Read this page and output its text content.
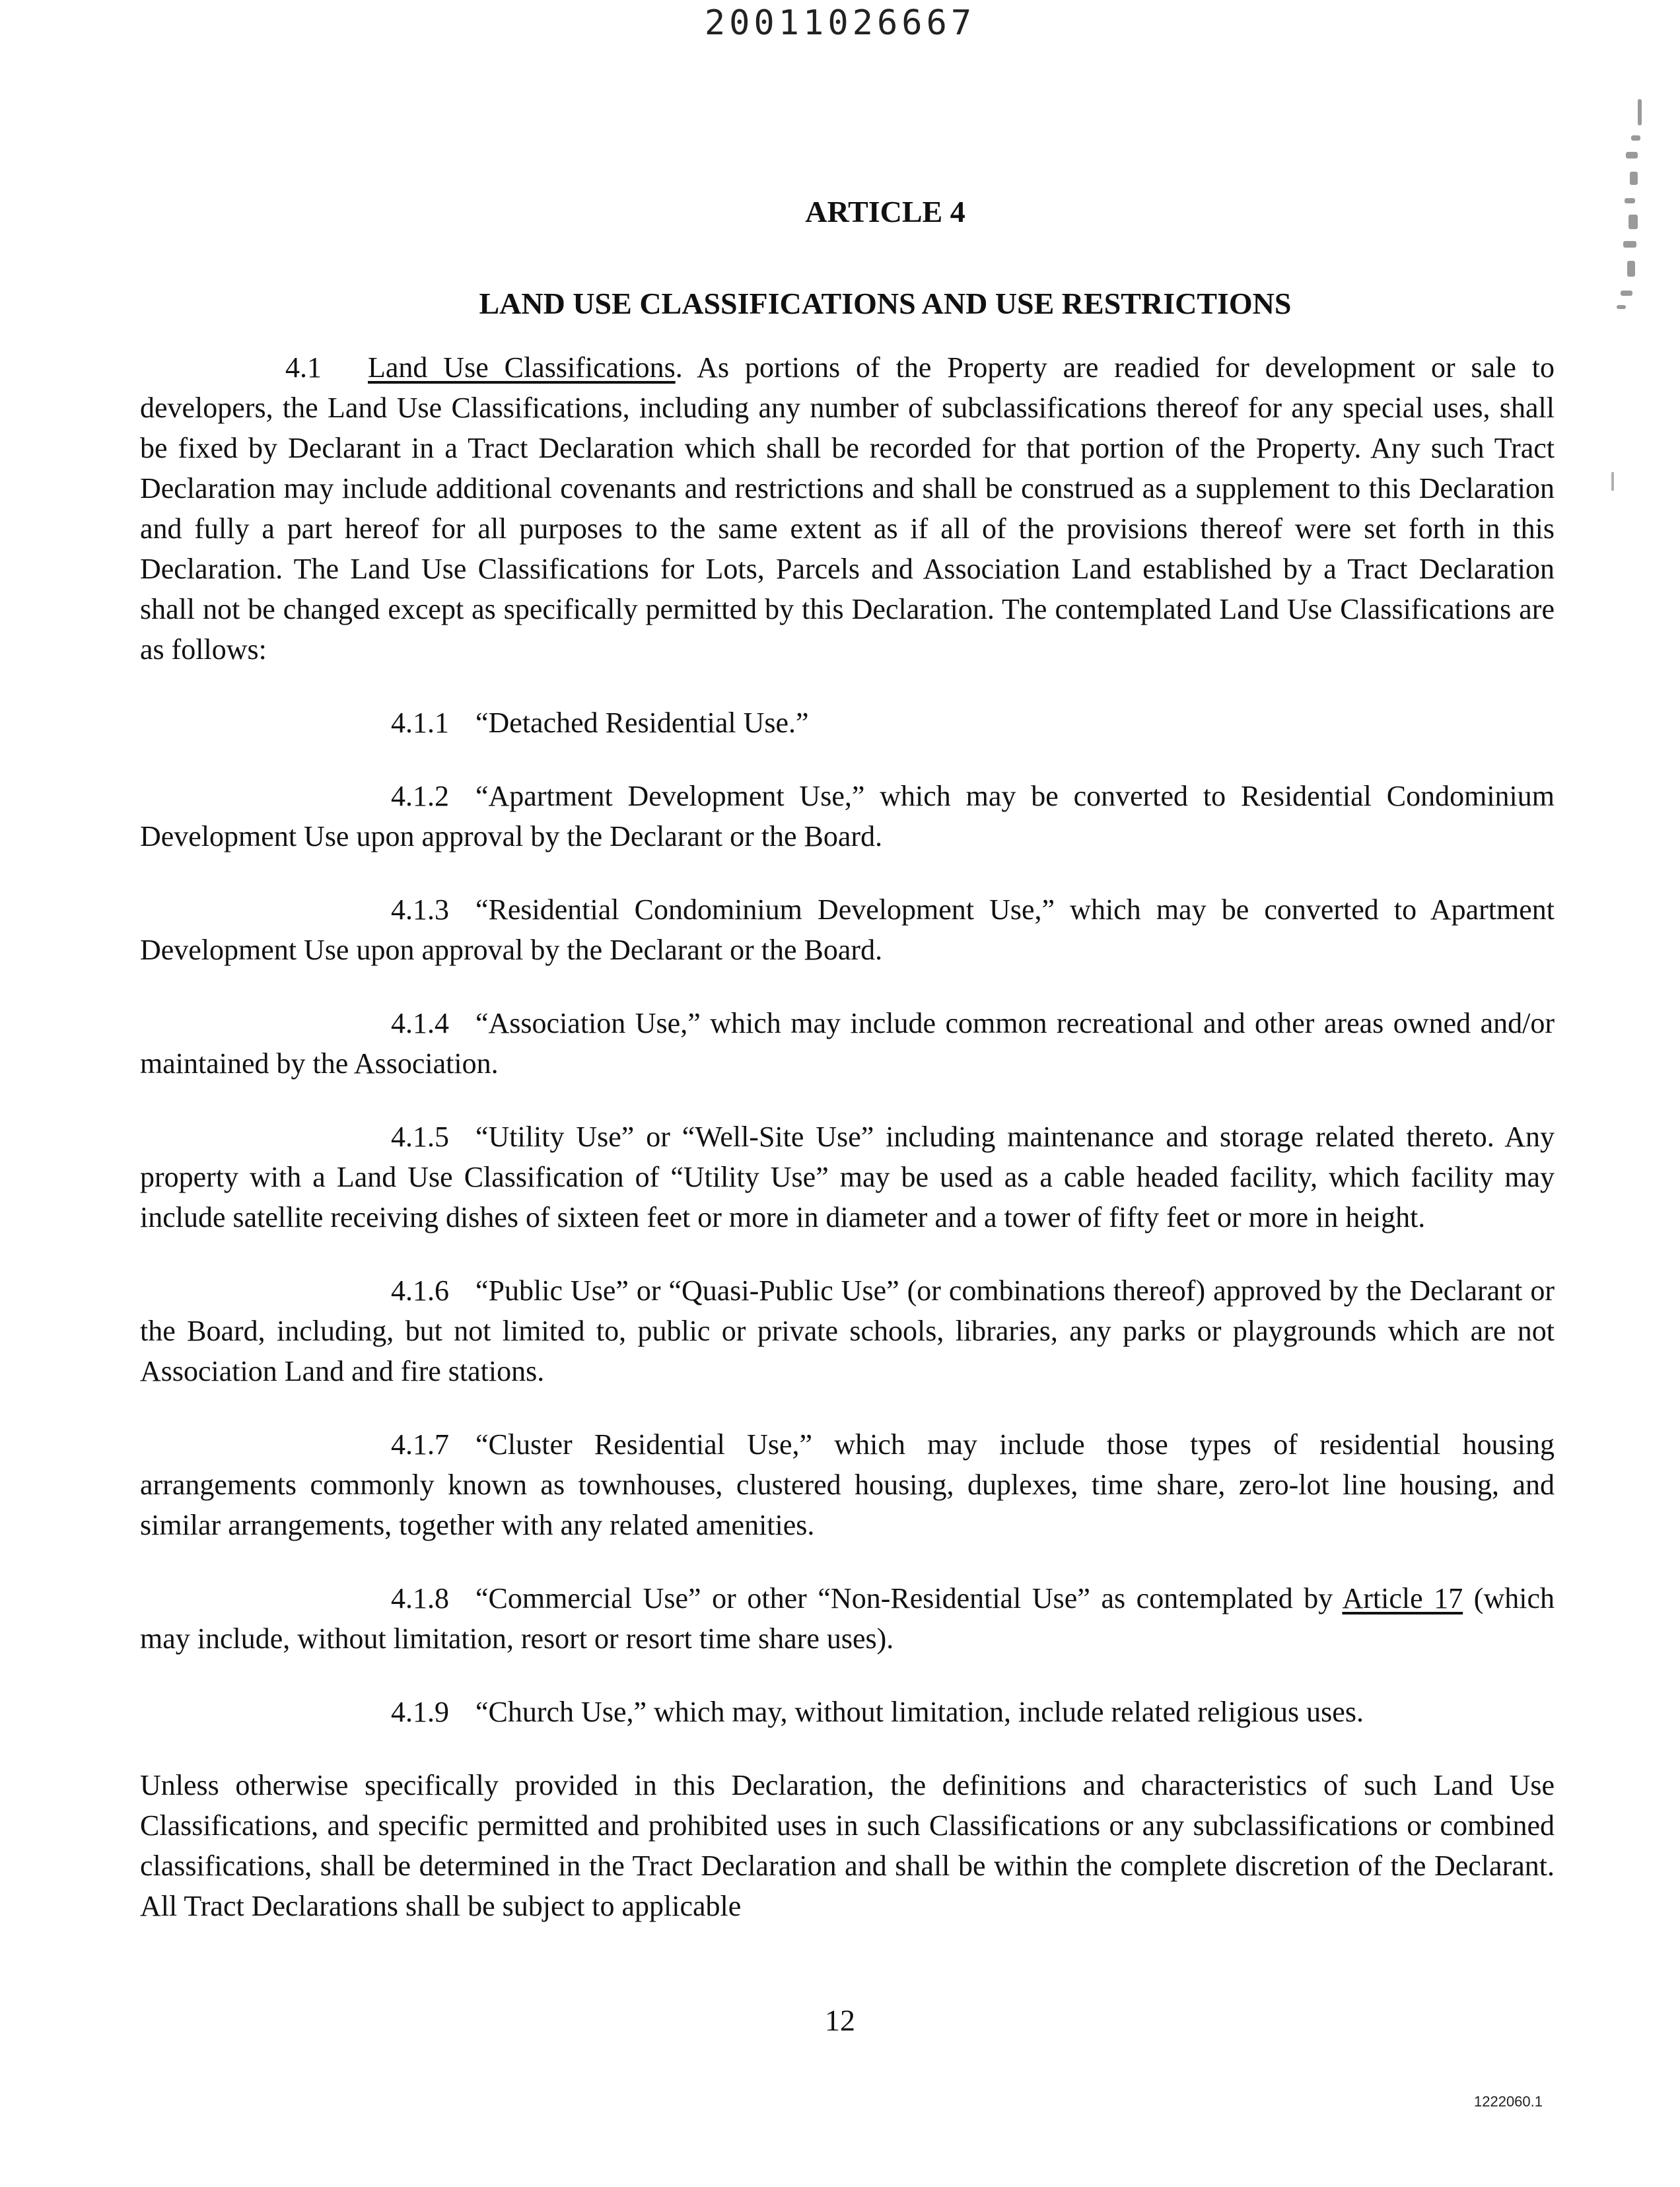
20011026667
ARTICLE 4
LAND USE CLASSIFICATIONS AND USE RESTRICTIONS

4.1 Land Use Classifications. As portions of the Property are readied for development or sale to developers, the Land Use Classifications, including any number of subclassifications thereof for any special uses, shall be fixed by Declarant in a Tract Declaration which shall be recorded for that portion of the Property. Any such Tract Declaration may include additional covenants and restrictions and shall be construed as a supplement to this Declaration and fully a part hereof for all purposes to the same extent as if all of the provisions thereof were set forth in this Declaration. The Land Use Classifications for Lots, Parcels and Association Land established by a Tract Declaration shall not be changed except as specifically permitted by this Declaration. The contemplated Land Use Classifications are as follows:

4.1.1 “Detached Residential Use.”

4.1.2 “Apartment Development Use,” which may be converted to Residential Condominium Development Use upon approval by the Declarant or the Board.

4.1.3 “Residential Condominium Development Use,” which may be converted to Apartment Development Use upon approval by the Declarant or the Board.

4.1.4 “Association Use,” which may include common recreational and other areas owned and/or maintained by the Association.

4.1.5 “Utility Use” or “Well-Site Use” including maintenance and storage related thereto. Any property with a Land Use Classification of “Utility Use” may be used as a cable headed facility, which facility may include satellite receiving dishes of sixteen feet or more in diameter and a tower of fifty feet or more in height.

4.1.6 “Public Use” or “Quasi-Public Use” (or combinations thereof) approved by the Declarant or the Board, including, but not limited to, public or private schools, libraries, any parks or playgrounds which are not Association Land and fire stations.

4.1.7 “Cluster Residential Use,” which may include those types of residential housing arrangements commonly known as townhouses, clustered housing, duplexes, time share, zero-lot line housing, and similar arrangements, together with any related amenities.

4.1.8 “Commercial Use” or other “Non-Residential Use” as contemplated by Article 17 (which may include, without limitation, resort or resort time share uses).

4.1.9 “Church Use,” which may, without limitation, include related religious uses.

Unless otherwise specifically provided in this Declaration, the definitions and characteristics of such Land Use Classifications, and specific permitted and prohibited uses in such Classifications or any subclassifications or combined classifications, shall be determined in the Tract Declaration and shall be within the complete discretion of the Declarant. All Tract Declarations shall be subject to applicable

12
1222060.1
